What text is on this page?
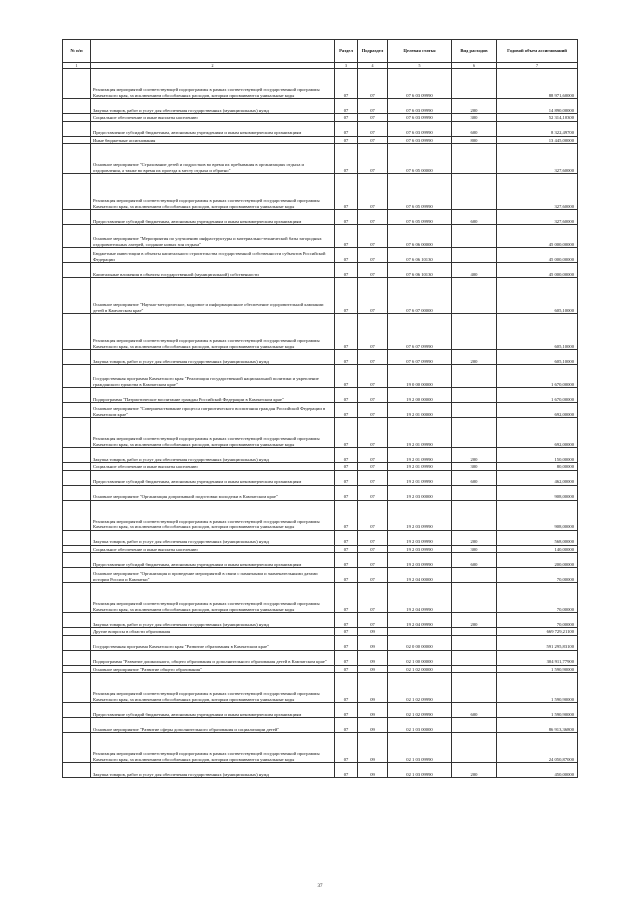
№ п/п		Раздел	Подраздел	Целевая статья	Вид расходов	Годовой объем ассигнований
1	2	3	4	5	6	7
	Реализация мероприятий соответствующей подпрограммы в рамках соответствующей государственной программы Камчатского края, за исключением обособленных расходов, которым присваиваются уникальные коды	07	07	07 6 03 09990		88 971,60000
	Закупка товаров, работ и услуг для обеспечения государственных (муниципальных) нужд	07	07	07 6 03 09990	200	14 890,00000
	Социальное обеспечение и иные выплаты населению	07	07	07 6 03 09990	300	52 314,10300
	Предоставление субсидий бюджетным, автономным учреждениям и иным некоммерческим организациям	07	07	07 6 03 09990	600	8 322,49700
	Иные бюджетные ассигнования	07	07	07 6 03 09990	800	13 445,00000
	Основное мероприятие "Страхование детей и подростков во время их пребывания в организациях отдыха и оздоровления, а также во время их проезда к месту отдыха и обратно"	07	07	07 6 05 00000		327,60000
	Реализация мероприятий соответствующей подпрограммы в рамках соответствующей государственной программы Камчатского края, за исключением обособленных расходов, которым присваиваются уникальные коды	07	07	07 6 05 09990		327,60000
	Предоставление субсидий бюджетным, автономным учреждениям и иным некоммерческим организациям	07	07	07 6 05 09990	600	327,60000
	Основное мероприятие "Мероприятия по улучшению инфраструктуры и материально-технической базы загородных оздоровительных лагерей, создание новых зон отдыха"	07	07	07 6 06 00000		45 000,00000
	Бюджетные инвестиции в объекты капитального строительства государственной собственности субъектов Российской Федерации	07	07	07 6 06 10130		45 000,00000
	Капитальные вложения в объекты государственной (муниципальной) собственности	07	07	07 6 06 10130	400	45 000,00000
	Основное мероприятие "Научно-методическое, кадровое и информационное обеспечение оздоровительной кампании детей в Камчатском крае"	07	07	07 6 07 00000		605,10000
	Реализация мероприятий соответствующей подпрограммы в рамках соответствующей государственной программы Камчатского края, за исключением обособленных расходов, которым присваиваются уникальные коды	07	07	07 6 07 09990		605,10000
	Закупка товаров, работ и услуг для обеспечения государственных (муниципальных) нужд	07	07	07 6 07 09990	200	605,10000
	Государственная программа Камчатского края "Реализация государственной национальной политики и укрепление гражданского единства в Камчатском крае"	07	07	19 0 00 00000		1 670,00000
	Подпрограмма "Патриотическое воспитание граждан Российской Федерации в Камчатском крае"	07	07	19 2 00 00000		1 670,00000
	Основное мероприятие "Совершенствование процесса патриотического воспитания граждан Российской Федерации в Камчатском крае"	07	07	19 2 01 00000		692,00000
	Реализация мероприятий соответствующей подпрограммы в рамках соответствующей государственной программы Камчатского края, за исключением обособленных расходов, которым присваиваются уникальные коды	07	07	19 2 01 09990		692,00000
	Закупка товаров, работ и услуг для обеспечения государственных (муниципальных) нужд	07	07	19 2 01 09990	200	150,00000
	Социальное обеспечение и иные выплаты населению	07	07	19 2 01 09990	300	80,00000
	Предоставление субсидий бюджетным, автономным учреждениям и иным некоммерческим организациям	07	07	19 2 01 09990	600	462,00000
	Основное мероприятие "Организация допризывной подготовки молодежи в Камчатском крае"	07	07	19 2 03 00000		908,00000
	Реализация мероприятий соответствующей подпрограммы в рамках соответствующей государственной программы Камчатского края, за исключением обособленных расходов, которым присваиваются уникальные коды	07	07	19 2 03 09990		908,00000
	Закупка товаров, работ и услуг для обеспечения государственных (муниципальных) нужд	07	07	19 2 03 09990	200	568,00000
	Социальное обеспечение и иные выплаты населению	07	07	19 2 03 09990	300	140,00000
	Предоставление субсидий бюджетным, автономным учреждениям и иным некоммерческим организациям	07	07	19 2 03 09990	600	200,00000
	Основное мероприятие "Организация и проведение мероприятий в связи с памятными и знаменательными датами истории России и Камчатки"	07	07	19 2 04 00000		70,00000
	Реализация мероприятий соответствующей подпрограммы в рамках соответствующей государственной программы Камчатского края, за исключением обособленных расходов, которым присваиваются уникальные коды	07	07	19 2 04 09990		70,00000
	Закупка товаров, работ и услуг для обеспечения государственных (муниципальных) нужд	07	07	19 2 04 09990	200	70,00000
	Другие вопросы в области образования	07	09			669 729,21100
	Государственная программа Камчатского края "Развитие образования в Камчатском крае"	07	09	02 0 00 00000		591 295,83100
	Подпрограмма "Развитие дошкольного, общего образования и дополнительного образования детей в Камчатском крае"	07	09	02 1 00 00000		304 911,77900
	Основное мероприятие "Развитие общего образования"	07	09	02 1 02 00000		1 590,90000
	Реализация мероприятий соответствующей подпрограммы в рамках соответствующей государственной программы Камчатского края, за исключением обособленных расходов, которым присваиваются уникальные коды	07	09	02 1 02 09990		1 590,90000
	Предоставление субсидий бюджетным, автономным учреждениям и иным некоммерческим организациям	07	09	02 1 02 09990	600	1 590,90000
	Основное мероприятие "Развитие сферы дополнительного образования и социализации детей"	07	09	02 1 03 00000		86 913,36800
	Реализация мероприятий соответствующей подпрограммы в рамках соответствующей государственной программы Камчатского края, за исключением обособленных расходов, которым присваиваются уникальные коды	07	09	02 1 03 09990		24 050,87000
	Закупка товаров, работ и услуг для обеспечения государственных (муниципальных) нужд	07	09	02 1 03 09990	200	450,00000
37
